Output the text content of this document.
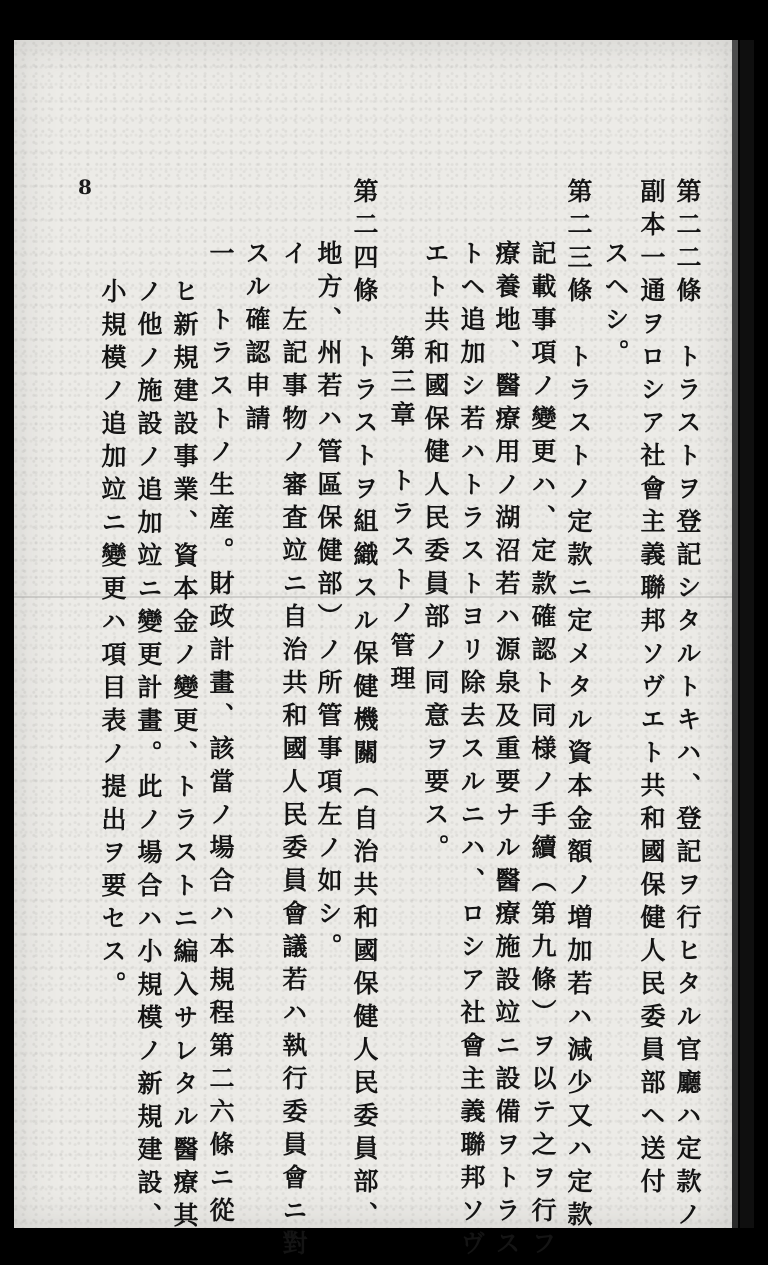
8	第二二條　トラストヲ登記シタルトキハ、登記ヲ行ヒタル官廳ハ定款ノ
副本一通ヲロシア社會主義聯邦ソヴエト共和國保健人民委員部ヘ送付
スヘシ。
第二三條　トラストノ定款ニ定メタル資本金額ノ増加若ハ減少又ハ定款
記載事項ノ變更ハ、定款確認ト同様ノ手續（第九條）ヲ以テ之ヲ行フ
療養地、醫療用ノ湖沼若ハ源泉及重要ナル醫療施設竝ニ設備ヲトラス
トヘ追加シ若ハトラストヨリ除去スルニハ、ロシア社會主義聯邦ソヴ
エト共和國保健人民委員部ノ同意ヲ要ス。
第三章　トラストノ管理
第二四條　トラストヲ組織スル保健機關（自治共和國保健人民委員部、
地方、州若ハ管區保健部）ノ所管事項左ノ如シ。
イ　左記事物ノ審査竝ニ自治共和國人民委員會議若ハ執行委員會ニ對
スル確認申請
一　トラストノ生産。財政計畫、該當ノ場合ハ本規程第二六條ニ從
ヒ新規建設事業、資本金ノ變更、トラストニ編入サレタル醫療其
ノ他ノ施設ノ追加竝ニ變更計畫。此ノ場合ハ小規模ノ新規建設、
小規模ノ追加竝ニ變更ハ項目表ノ提出ヲ要セス。
